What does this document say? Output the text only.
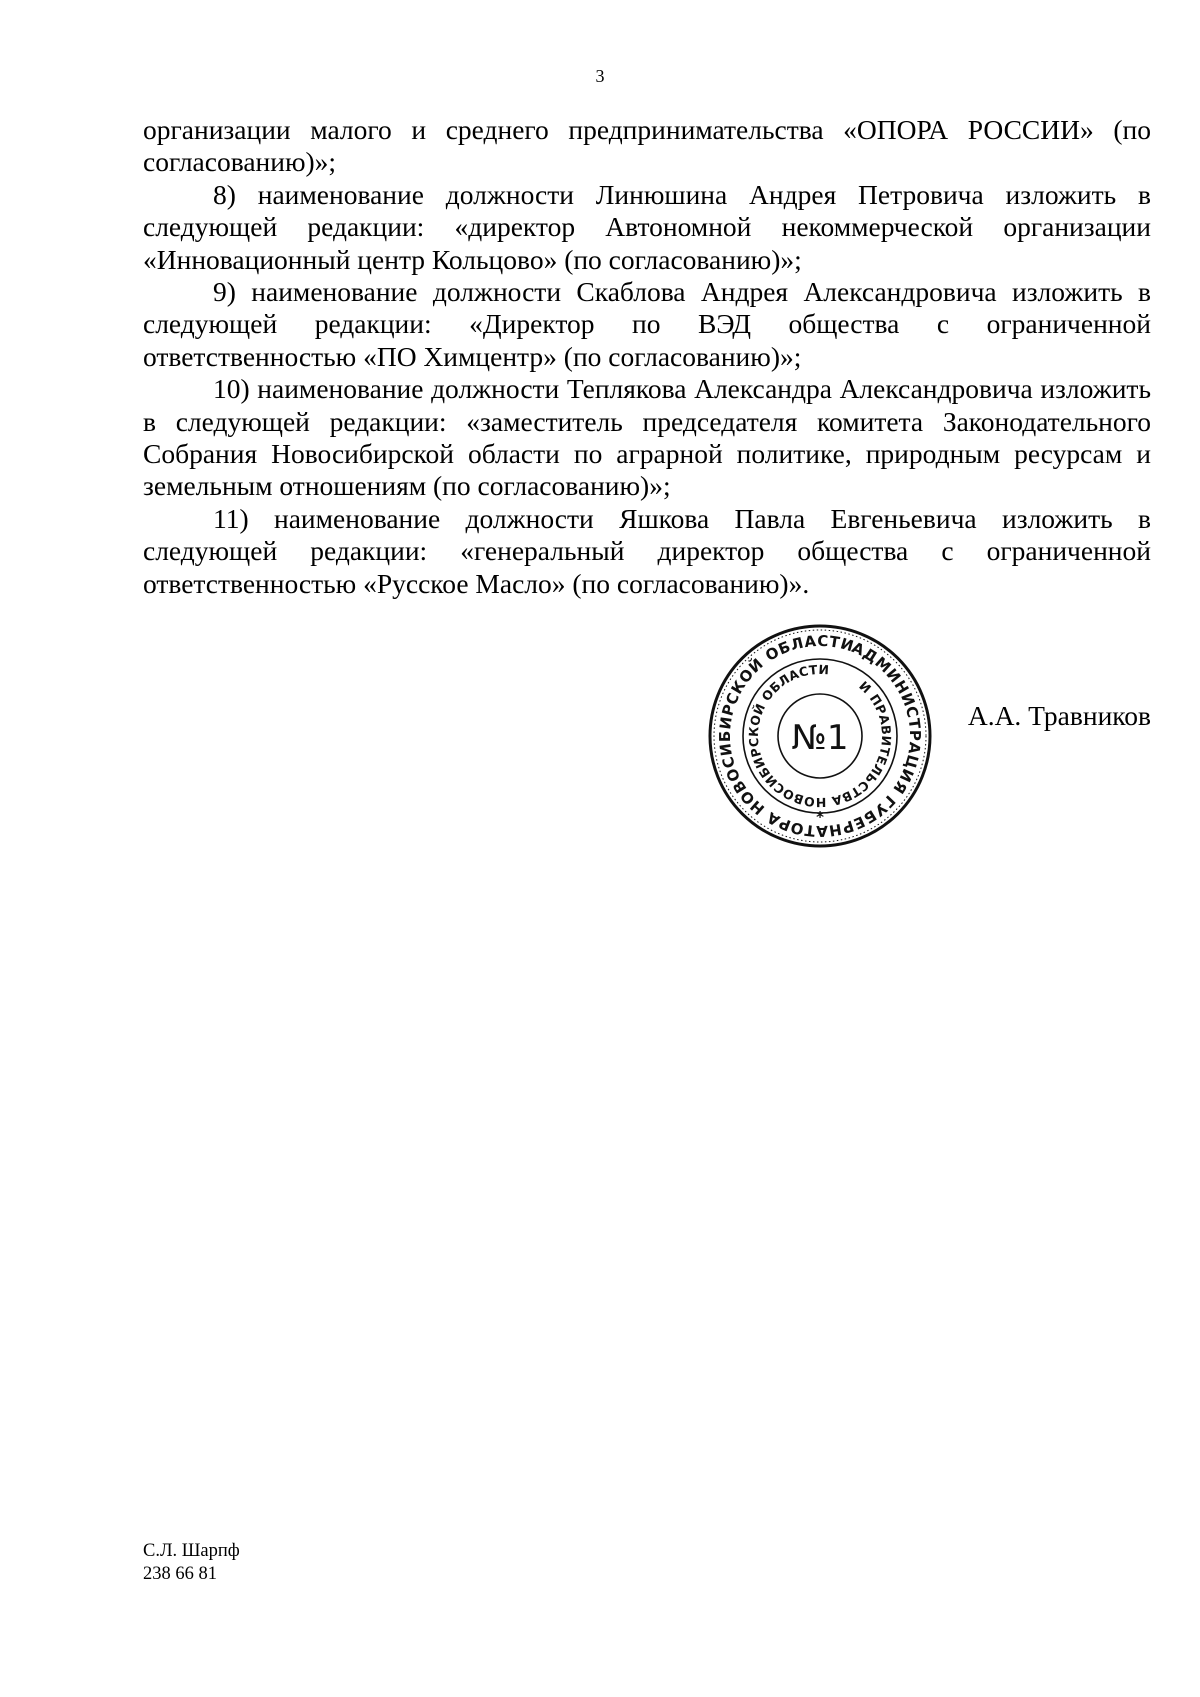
3

организации малого и среднего предпринимательства «ОПОРА РОССИИ» (по согласованию)»;

8) наименование должности Линюшина Андрея Петровича изложить в следующей редакции: «директор Автономной некоммерческой организации «Инновационный центр Кольцово» (по согласованию)»;

9) наименование должности Скаблова Андрея Александровича изложить в следующей редакции: «Директор по ВЭД общества с ограниченной ответственностью «ПО Химцентр» (по согласованию)»;

10) наименование должности Теплякова Александра Александровича изложить в следующей редакции: «заместитель председателя комитета Законодательного Собрания Новосибирской области по аграрной политике, природным ресурсам и земельным отношениям (по согласованию)»;

11) наименование должности Яшкова Павла Евгеньевича изложить в следующей редакции: «генеральный директор общества с ограниченной ответственностью «Русское Масло» (по согласованию)».

АДМИНИСТРАЦИЯ ГУБЕРНАТОРА НОВОСИБИРСКОЙ ОБЛАСТИ
И ПРАВИТЕЛЬСТВА НОВОСИБИРСКОЙ ОБЛАСТИ
№1
*
А.А. Травников
С.Л. Шарпф
238 66 81
